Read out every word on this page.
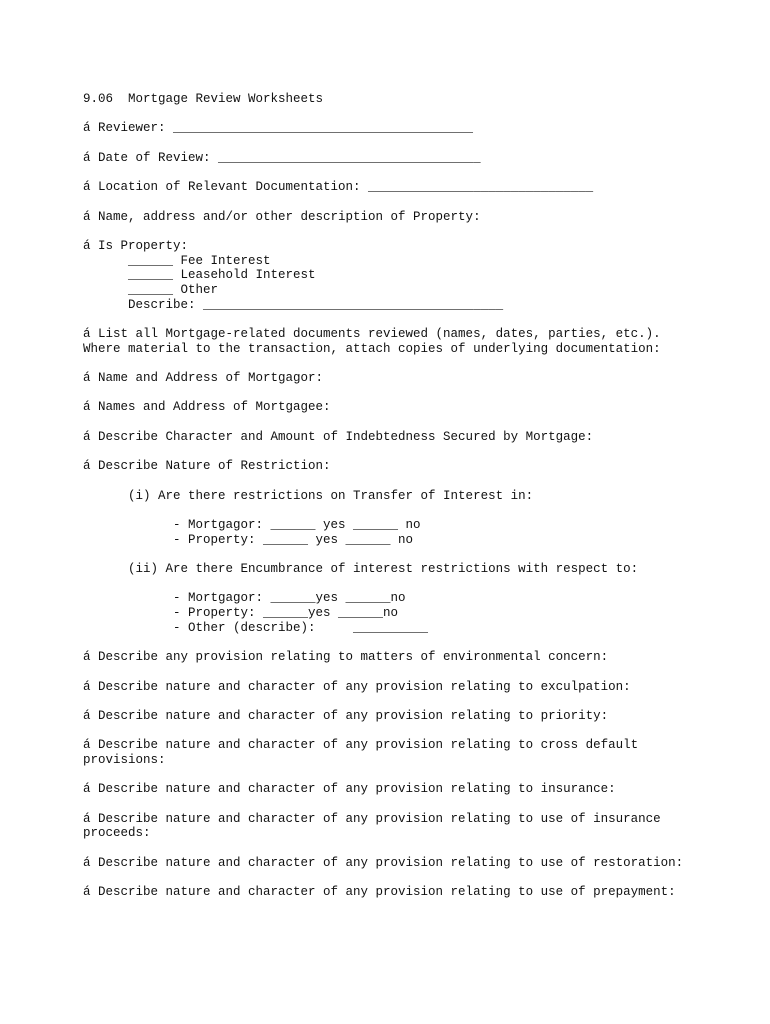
9.06  Mortgage Review Worksheets
á Reviewer: ________________________________________
á Date of Review: ___________________________________
á Location of Relevant Documentation: ______________________________
á Name, address and/or other description of Property:
á Is Property:
______ Fee Interest
______ Leasehold Interest
______ Other
Describe: ________________________________________
á List all Mortgage-related documents reviewed (names, dates, parties, etc.).
Where material to the transaction, attach copies of underlying documentation:
á Name and Address of Mortgagor:
á Names and Address of Mortgagee:
á Describe Character and Amount of Indebtedness Secured by Mortgage:
á Describe Nature of Restriction:
(i) Are there restrictions on Transfer of Interest in:
- Mortgagor: ______ yes ______ no
- Property: ______ yes ______ no
(ii) Are there Encumbrance of interest restrictions with respect to:
- Mortgagor: ______yes ______no
- Property: ______yes ______no
- Other (describe):     __________
á Describe any provision relating to matters of environmental concern:
á Describe nature and character of any provision relating to exculpation:
á Describe nature and character of any provision relating to priority:
á Describe nature and character of any provision relating to cross default
provisions:
á Describe nature and character of any provision relating to insurance:
á Describe nature and character of any provision relating to use of insurance
proceeds:
á Describe nature and character of any provision relating to use of restoration:
á Describe nature and character of any provision relating to use of prepayment:
